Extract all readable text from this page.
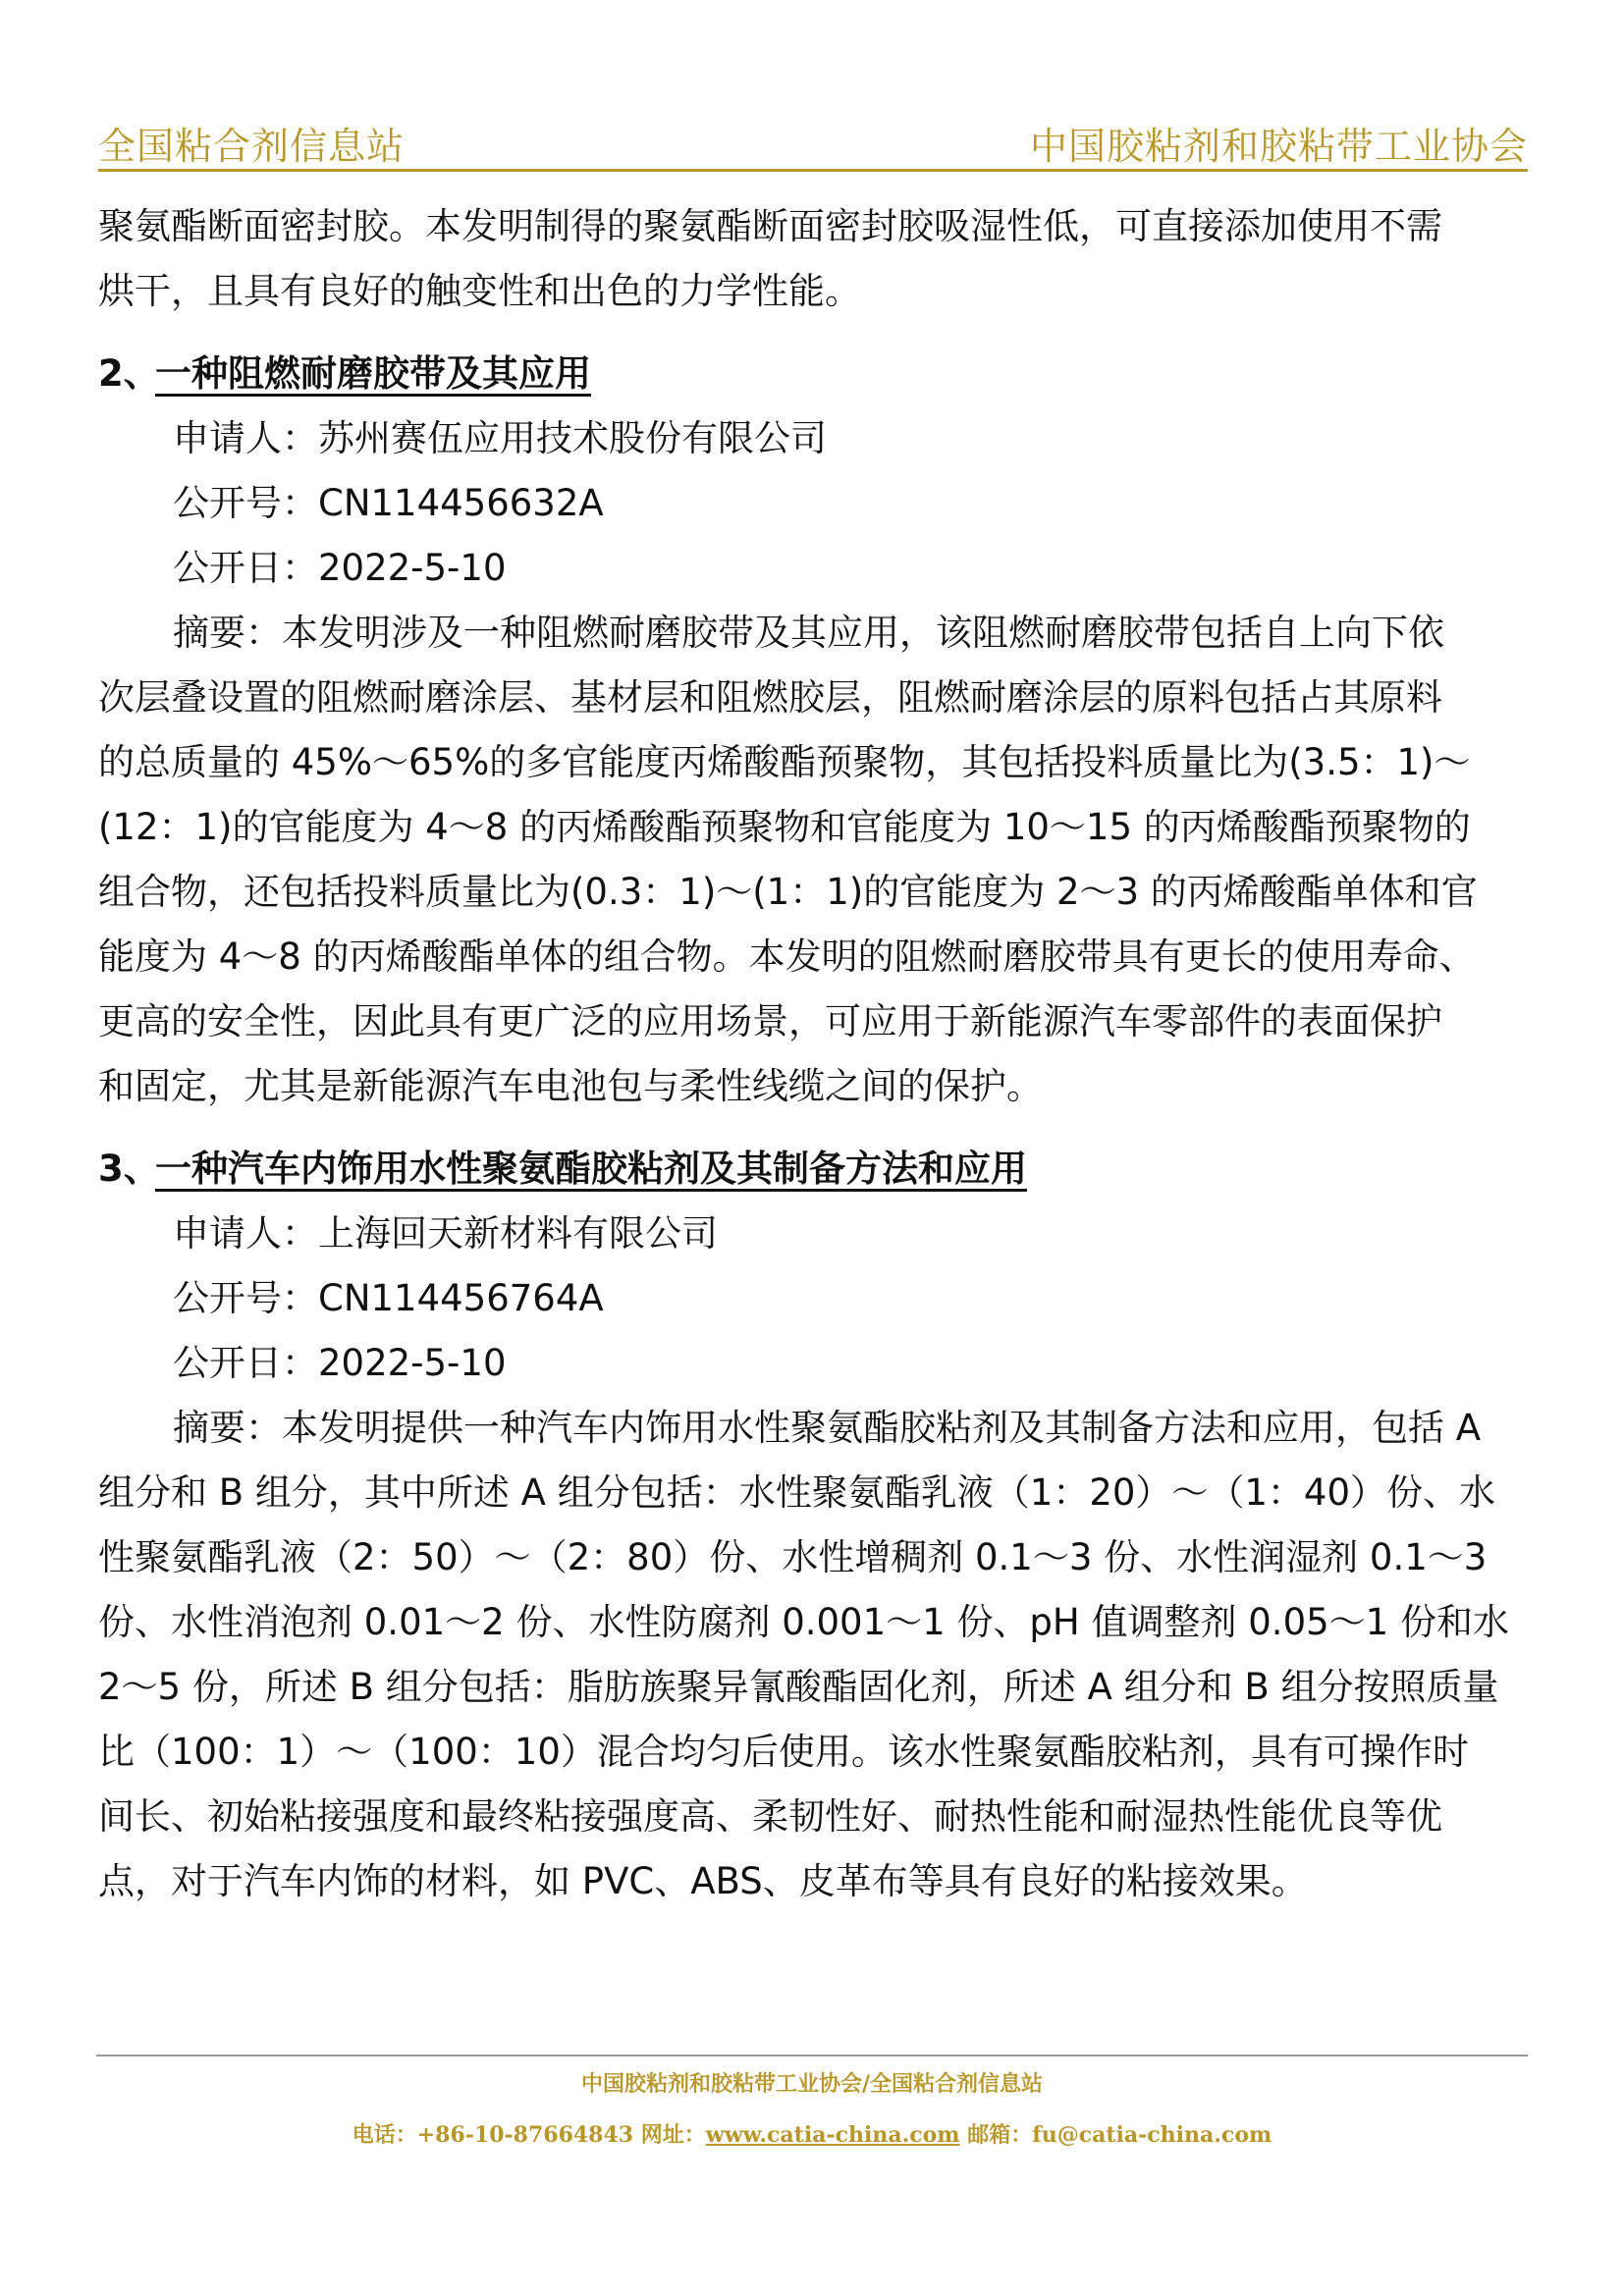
全国粘合剂信息站	中国胶粘剂和胶粘带工业协会

聚氨酯断面密封胶。本发明制得的聚氨酯断面密封胶吸湿性低，可直接添加使用不需

烘干，且具有良好的触变性和出色的力学性能。

2、一种阻燃耐磨胶带及其应用

申请人：苏州赛伍应用技术股份有限公司

公开号：CN114456632A

公开日：2022-5-10

摘要：本发明涉及一种阻燃耐磨胶带及其应用，该阻燃耐磨胶带包括自上向下依

次层叠设置的阻燃耐磨涂层、基材层和阻燃胶层，阻燃耐磨涂层的原料包括占其原料

的总质量的 45%～65%的多官能度丙烯酸酯预聚物，其包括投料质量比为(3.5：1)～

(12：1)的官能度为 4～8 的丙烯酸酯预聚物和官能度为 10～15 的丙烯酸酯预聚物的

组合物，还包括投料质量比为(0.3：1)～(1：1)的官能度为 2～3 的丙烯酸酯单体和官

能度为 4～8 的丙烯酸酯单体的组合物。本发明的阻燃耐磨胶带具有更长的使用寿命、

更高的安全性，因此具有更广泛的应用场景，可应用于新能源汽车零部件的表面保护

和固定，尤其是新能源汽车电池包与柔性线缆之间的保护。

3、一种汽车内饰用水性聚氨酯胶粘剂及其制备方法和应用

申请人：上海回天新材料有限公司

公开号：CN114456764A

公开日：2022-5-10

摘要：本发明提供一种汽车内饰用水性聚氨酯胶粘剂及其制备方法和应用，包括 A

组分和 B 组分，其中所述 A 组分包括：水性聚氨酯乳液（1：20）～（1：40）份、水

性聚氨酯乳液（2：50）～（2：80）份、水性增稠剂 0.1～3 份、水性润湿剂 0.1～3

份、水性消泡剂 0.01～2 份、水性防腐剂 0.001～1 份、pH 值调整剂 0.05～1 份和水

2～5 份，所述 B 组分包括：脂肪族聚异氰酸酯固化剂，所述 A 组分和 B 组分按照质量

比（100：1）～（100：10）混合均匀后使用。该水性聚氨酯胶粘剂，具有可操作时

间长、初始粘接强度和最终粘接强度高、柔韧性好、耐热性能和耐湿热性能优良等优

点，对于汽车内饰的材料，如 PVC、ABS、皮革布等具有良好的粘接效果。

中国胶粘剂和胶粘带工业协会/全国粘合剂信息站
电话：+86-10-87664843 网址：www.catia-china.com 邮箱：fu@catia-china.com
